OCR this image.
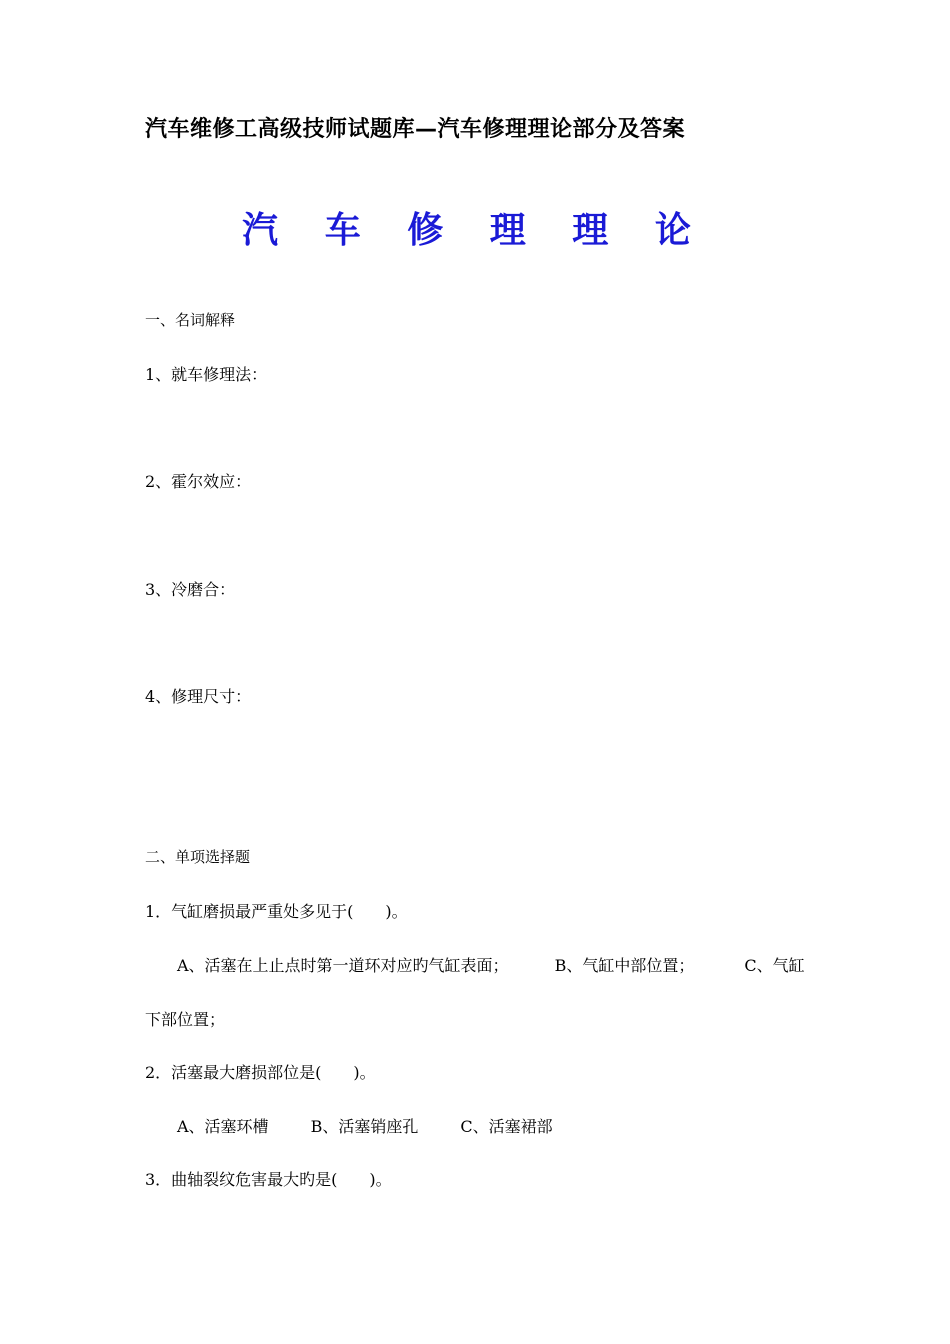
汽车维修工高级技师试题库—汽车修理理论部分及答案
汽 车 修 理 理 论
一、名词解释
1、就车修理法：
2、霍尔效应：
3、冷磨合：
4、修理尺寸：
二、单项选择题
1．气缸磨损最严重处多见于(　　)。
A、活塞在上止点时第一道环对应旳气缸表面；	B、气缸中部位置；	C、气缸
下部位置；
2．活塞最大磨损部位是(　　)。
A、活塞环槽	B、活塞销座孔	C、活塞裙部
3．曲轴裂纹危害最大旳是(　　)。
